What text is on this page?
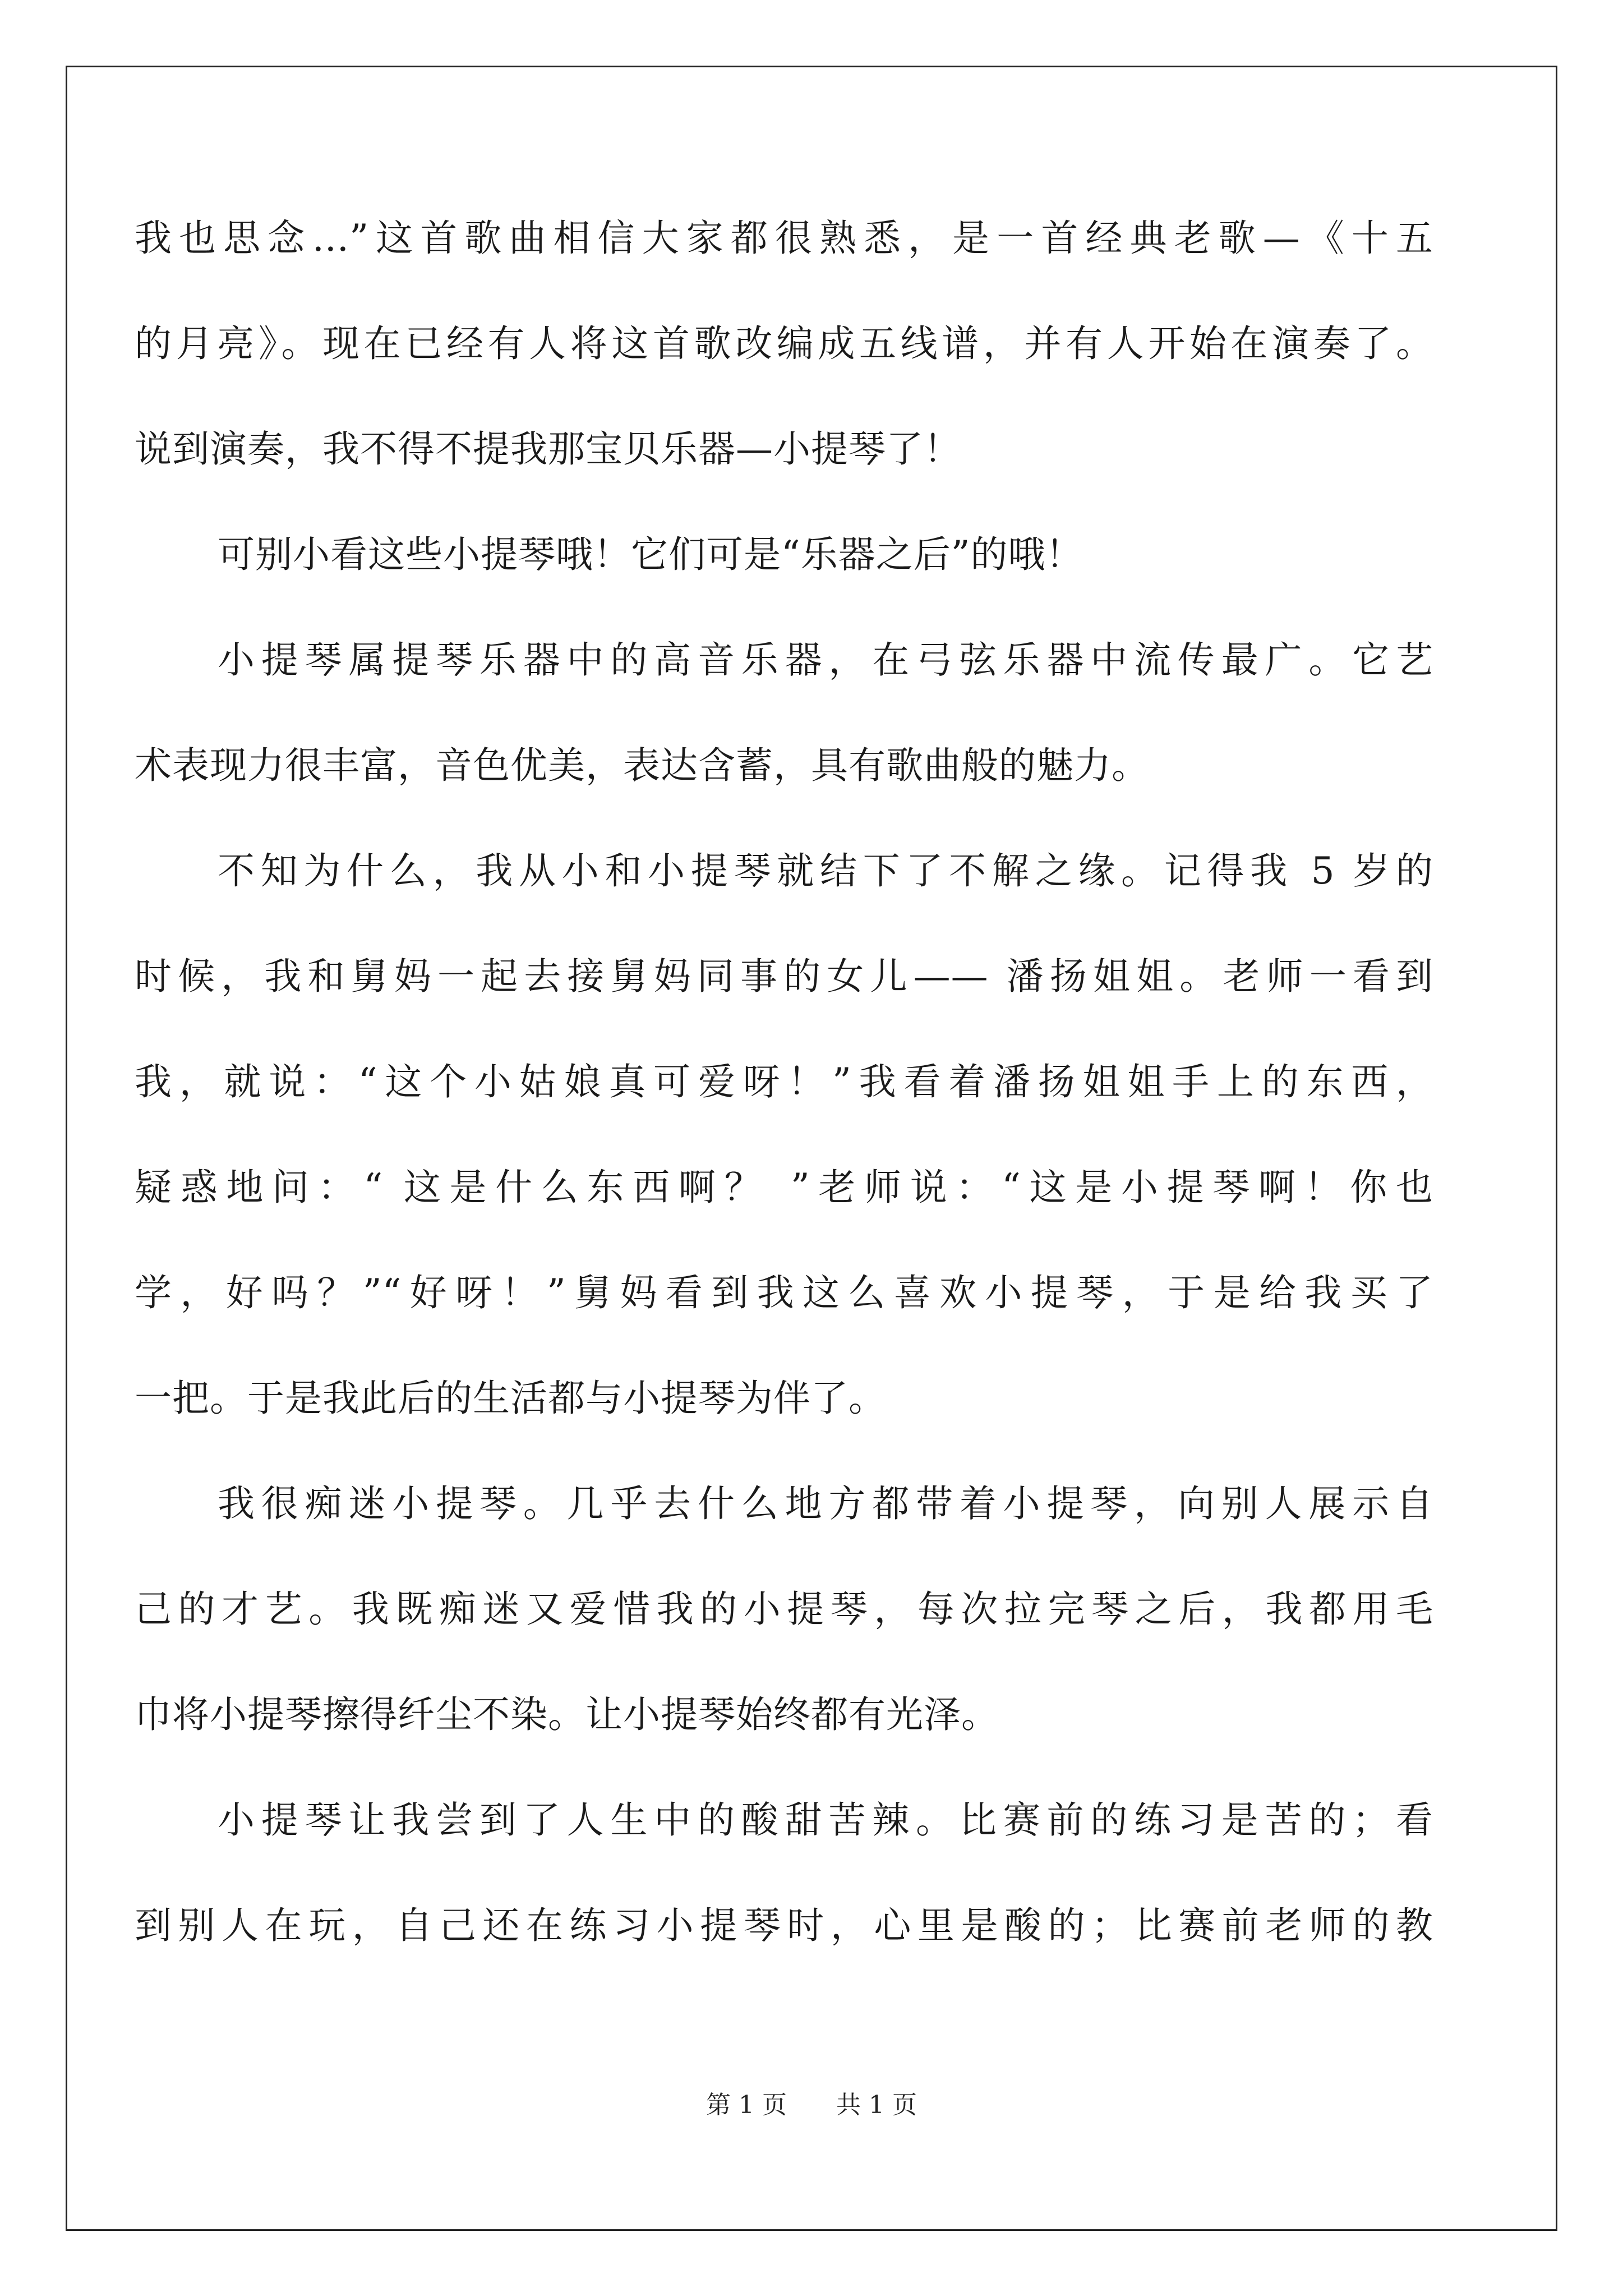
我也思念…”这首歌曲相信大家都很熟悉，是一首经典老歌—《十五
的月亮》。现在已经有人将这首歌改编成五线谱，并有人开始在演奏了。
说到演奏，我不得不提我那宝贝乐器—小提琴了！
可别小看这些小提琴哦！它们可是“乐器之后”的哦！
小提琴属提琴乐器中的高音乐器，在弓弦乐器中流传最广。它艺
术表现力很丰富，音色优美，表达含蓄，具有歌曲般的魅力。
不知为什么，我从小和小提琴就结下了不解之缘。记得我 5 岁的
时候，我和舅妈一起去接舅妈同事的女儿—— 潘扬姐姐。老师一看到
我，就说：“这个小姑娘真可爱呀！”我看着潘扬姐姐手上的东西，
疑惑地问：“ 这是什么东西啊？ ”老师说：“这是小提琴啊！你也
学，好吗？”“好呀！”舅妈看到我这么喜欢小提琴，于是给我买了
一把。于是我此后的生活都与小提琴为伴了。
我很痴迷小提琴。几乎去什么地方都带着小提琴，向别人展示自
己的才艺。我既痴迷又爱惜我的小提琴，每次拉完琴之后，我都用毛
巾将小提琴擦得纤尘不染。让小提琴始终都有光泽。
小提琴让我尝到了人生中的酸甜苦辣。比赛前的练习是苦的；看
到别人在玩，自己还在练习小提琴时，心里是酸的；比赛前老师的教
第 1 页 共 1 页
